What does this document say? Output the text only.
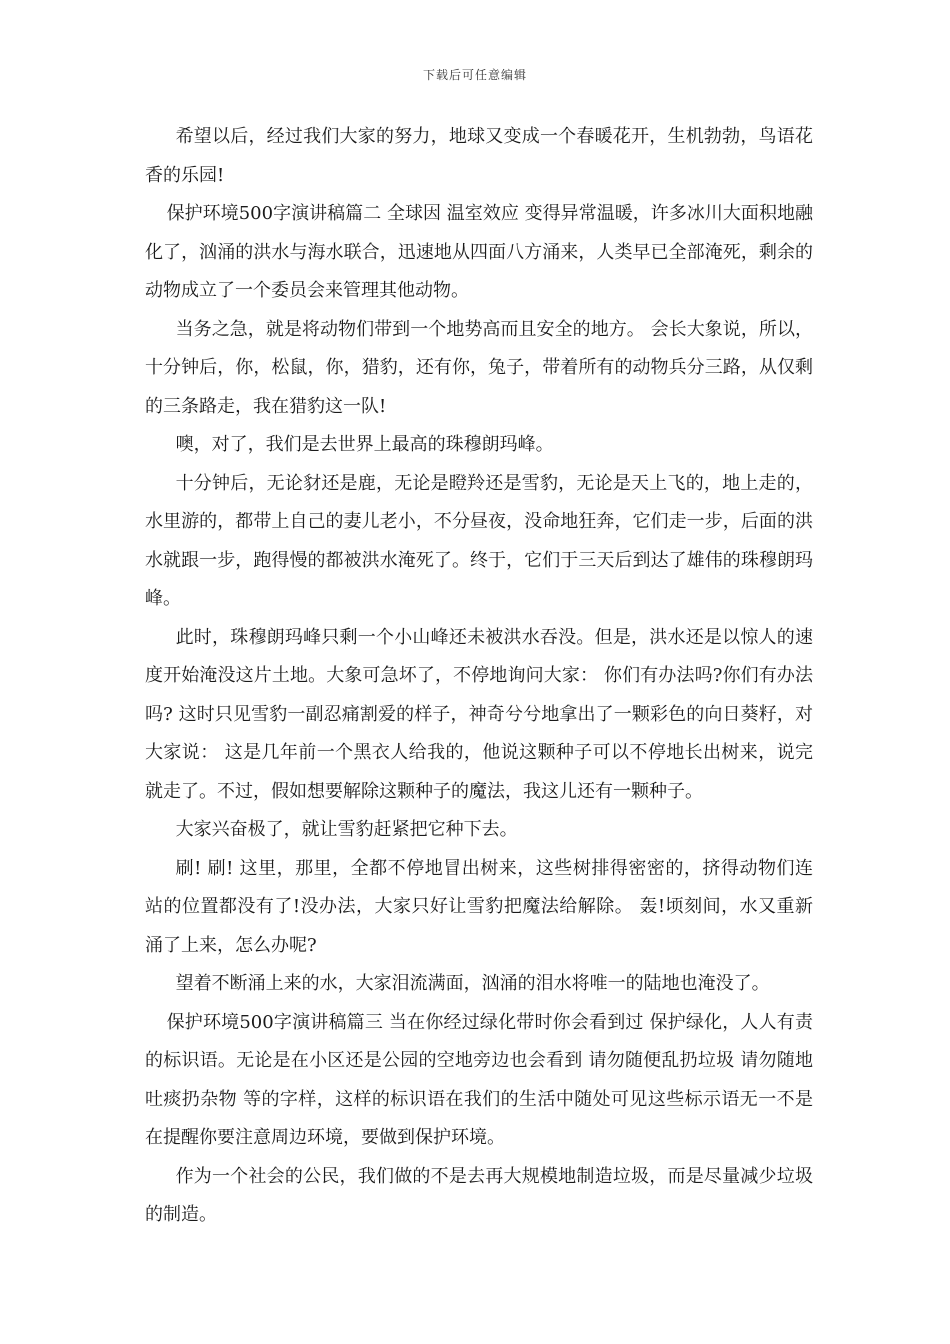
下载后可任意编辑

希望以后，经过我们大家的努力，地球又变成一个春暖花开，生机勃勃，鸟语花香的乐园!

保护环境500字演讲稿篇二 全球因 温室效应 变得异常温暖，许多冰川大面积地融化了，汹涌的洪水与海水联合，迅速地从四面八方涌来，人类早已全部淹死，剩余的动物成立了一个委员会来管理其他动物。

当务之急，就是将动物们带到一个地势高而且安全的地方。 会长大象说，所以，十分钟后，你，松鼠，你，猎豹，还有你，兔子，带着所有的动物兵分三路，从仅剩的三条路走，我在猎豹这一队!

噢，对了，我们是去世界上最高的珠穆朗玛峰。

十分钟后，无论豺还是鹿，无论是瞪羚还是雪豹，无论是天上飞的，地上走的，水里游的，都带上自己的妻儿老小，不分昼夜，没命地狂奔，它们走一步，后面的洪水就跟一步，跑得慢的都被洪水淹死了。终于，它们于三天后到达了雄伟的珠穆朗玛峰。

此时，珠穆朗玛峰只剩一个小山峰还未被洪水吞没。但是，洪水还是以惊人的速度开始淹没这片土地。大象可急坏了，不停地询问大家： 你们有办法吗?你们有办法吗? 这时只见雪豹一副忍痛割爱的样子，神奇兮兮地拿出了一颗彩色的向日葵籽，对大家说： 这是几年前一个黑衣人给我的，他说这颗种子可以不停地长出树来，说完就走了。不过，假如想要解除这颗种子的魔法，我这儿还有一颗种子。

大家兴奋极了，就让雪豹赶紧把它种下去。

刷! 刷! 这里，那里，全都不停地冒出树来，这些树排得密密的，挤得动物们连站的位置都没有了!没办法，大家只好让雪豹把魔法给解除。 轰!顷刻间，水又重新涌了上来，怎么办呢?

望着不断涌上来的水，大家泪流满面，汹涌的泪水将唯一的陆地也淹没了。

保护环境500字演讲稿篇三 当在你经过绿化带时你会看到过 保护绿化，人人有责 的标识语。无论是在小区还是公园的空地旁边也会看到 请勿随便乱扔垃圾 请勿随地吐痰扔杂物 等的字样，这样的标识语在我们的生活中随处可见这些标示语无一不是在提醒你要注意周边环境，要做到保护环境。

作为一个社会的公民，我们做的不是去再大规模地制造垃圾，而是尽量减少垃圾的制造。
